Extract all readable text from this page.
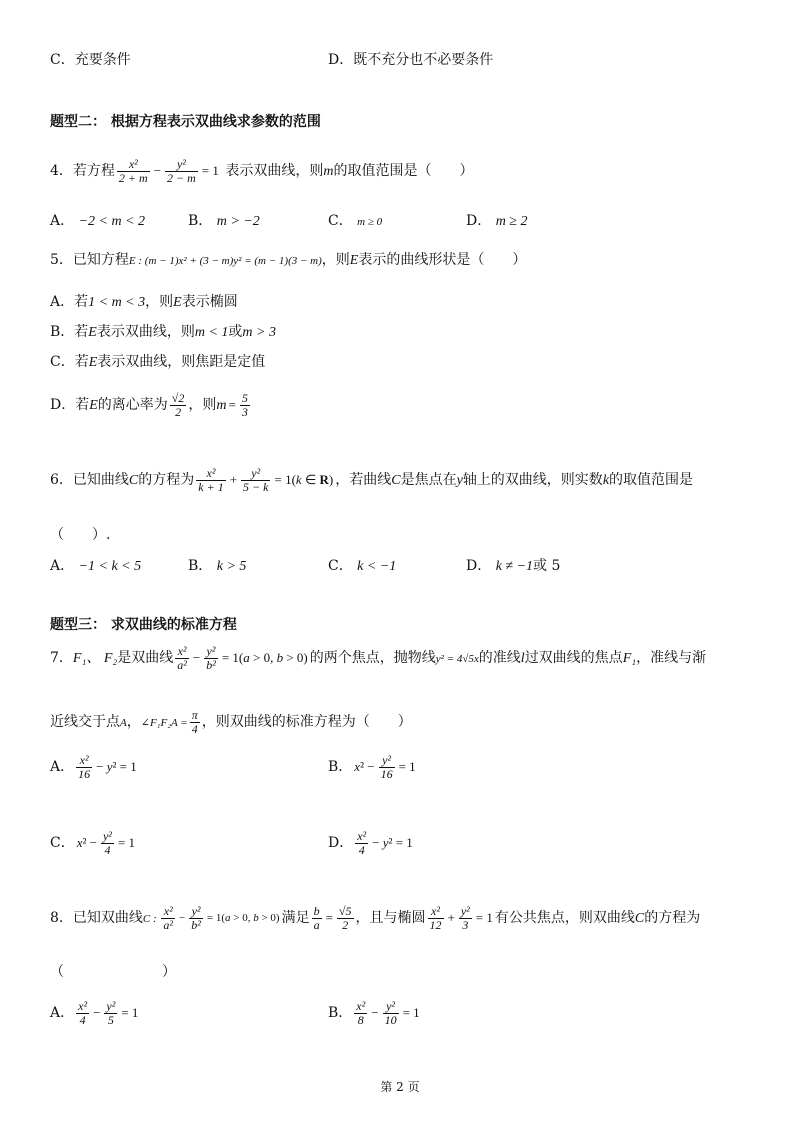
C．充要条件	D．既不充分也不必要条件
题型二： 根据方程表示双曲线求参数的范围
4．若方程 $\frac{\text{x²}}{2 + m} - \frac{\text{y²}}{2 - m} = 1$ 表示双曲线，则m的取值范围是（　　）
A． −2 < m < 2	B． m > −2	C． m ≥ 0	D． m ≥ 2
5．已知方程E : (m − 1)x² + (3 − m)y² = (m − 1)(3 − m)，则E表示的曲线形状是（　　）
A．若1 < m < 3，则E表示椭圆
B．若E表示双曲线，则m < 1或m > 3
C．若E表示双曲线，则焦距是定值
D．若E的离心率为 $\frac{√2}{2}$ ，则$m = \frac{5}{3}$
6．已知曲线C的方程为 $\frac{\text{x²}}{k + 1} + \frac{\text{y²}}{5 - k} = 1(k$ ∈ R) ，若曲线C是焦点在y轴上的双曲线，则实数k的取值范围是
（　　）.
A． −1 < k < 5	B． k > 5	C． k < −1	D． k ≠ −1或 5
题型三： 求双曲线的标准方程
7．F₁、 F₂是双曲线 $\frac{\text{x²}}{\text{a²}} - \frac{\text{y²}}{\text{b²}} = 1(a > 0$, b > 0) 的两个焦点，抛物线y² = 4√5x的准线l过双曲线的焦点F₁，准线与渐
近线交于点A，∠F₁F₂A = $\frac{\pi}{4}$ ，则双曲线的标准方程为（　　）
A． $\frac{\text{x²}}{16} - y^2 = 1$	B． $x^2 - \frac{\text{y²}}{16} = 1$
C． $x^2 - \frac{\text{y²}}{4} = 1$	D． $\frac{\text{x²}}{4} - y^2 = 1$
8．已知双曲线C : $\frac{\text{x²}}{\text{a²}} - \frac{\text{y²}}{\text{b²}} = 1(a > 0$, b > 0) 满足 $\frac{b}{a} = \frac{√5}{2}$ ，且与椭圆 $\frac{\text{x²}}{12} + \frac{\text{y²}}{3} = 1$ 有公共焦点，则双曲线C的方程为
（　　　　　　　）
A． $\frac{\text{x²}}{4} - \frac{\text{y²}}{5} = 1$	B． $\frac{\text{x²}}{8} - \frac{\text{y²}}{10} = 1$
第 2 页
